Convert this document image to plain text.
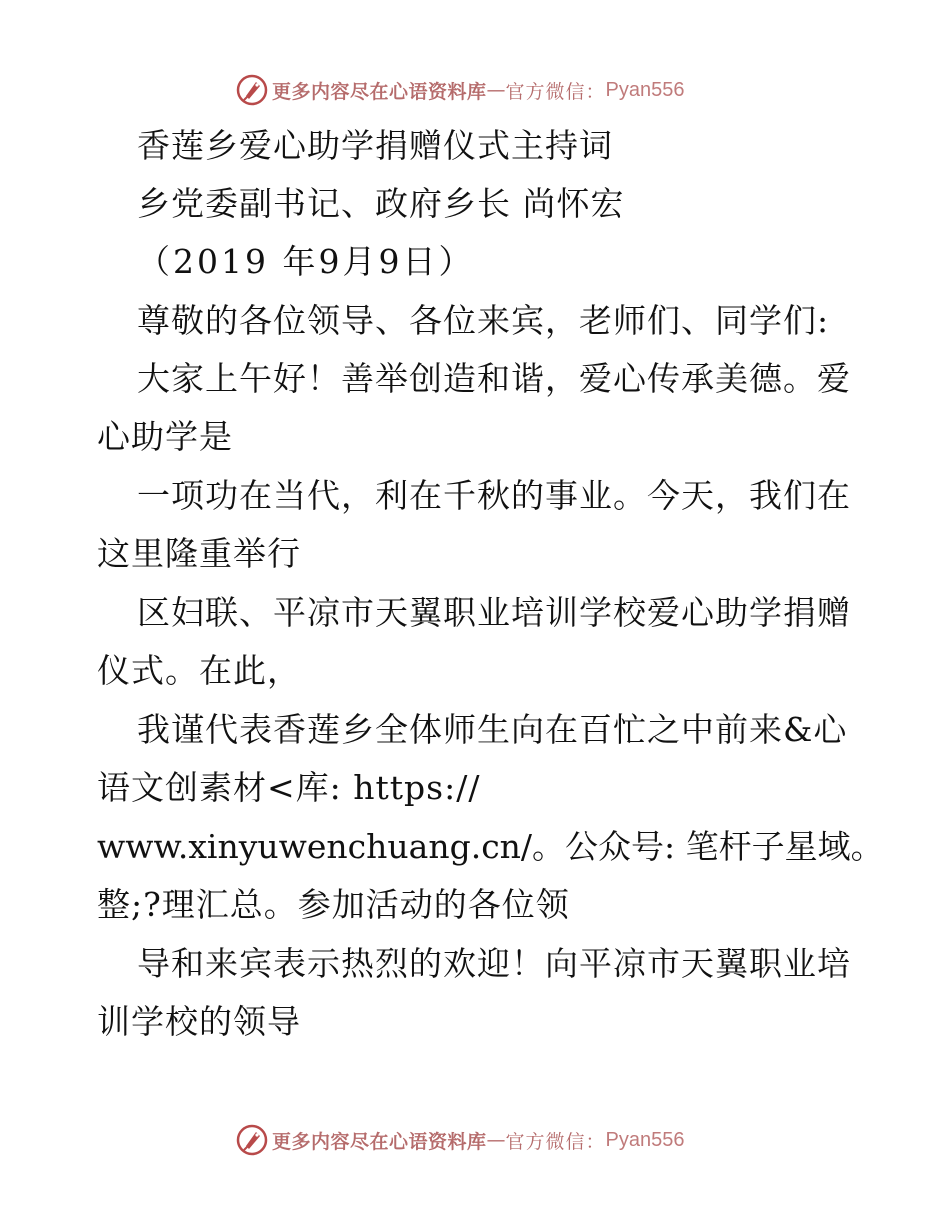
更多内容尽在心语资料库 — 官方微信： Pyan556
香莲乡爱心助学捐赠仪式主持词
乡党委副书记、政府乡长 尚怀宏
（2019 年9月9日）
尊敬的各位领导、各位来宾，老师们、同学们:
大家上午好！善举创造和谐，爱心传承美德。爱
心助学是
一项功在当代，利在千秋的事业。今天，我们在
这里隆重举行
区妇联、平凉市天翼职业培训学校爱心助学捐赠
仪式。在此，
我谨代表香莲乡全体师生向在百忙之中前来&心
语文创素材<库: https://
www.xinyuwenchuang.cn/。公众号: 笔杆子星域。
整;?理汇总。参加活动的各位领
导和来宾表示热烈的欢迎！向平凉市天翼职业培
训学校的领导
更多内容尽在心语资料库 — 官方微信： Pyan556
